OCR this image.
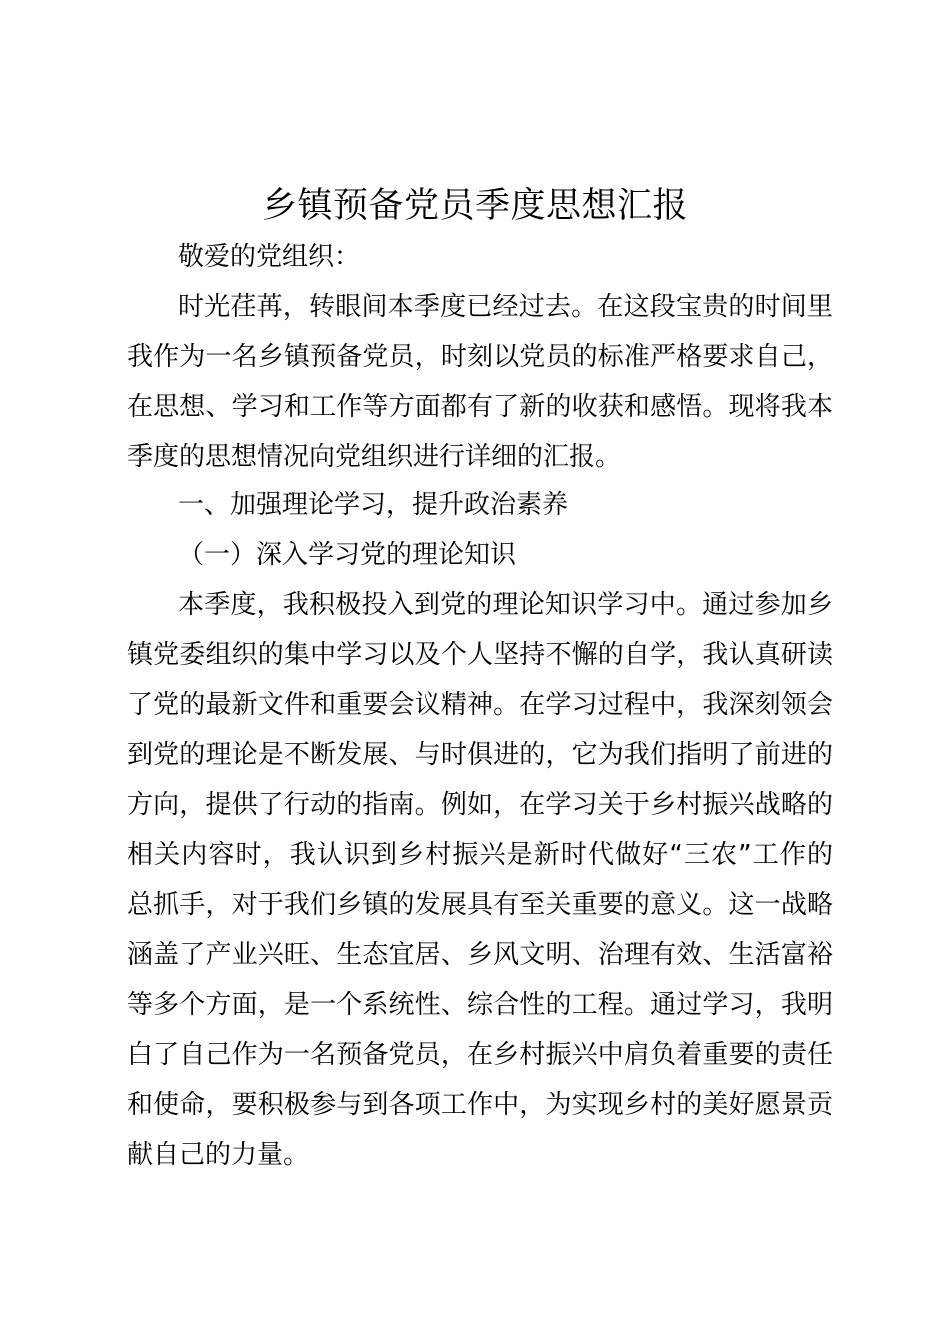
乡镇预备党员季度思想汇报
敬爱的党组织：
时光荏苒，转眼间本季度已经过去。在这段宝贵的时间里
我作为一名乡镇预备党员，时刻以党员的标准严格要求自己，
在思想、学习和工作等方面都有了新的收获和感悟。现将我本
季度的思想情况向党组织进行详细的汇报。
一、加强理论学习，提升政治素养
（一）深入学习党的理论知识
本季度，我积极投入到党的理论知识学习中。通过参加乡
镇党委组织的集中学习以及个人坚持不懈的自学，我认真研读
了党的最新文件和重要会议精神。在学习过程中，我深刻领会
到党的理论是不断发展、与时俱进的，它为我们指明了前进的
方向，提供了行动的指南。例如，在学习关于乡村振兴战略的
相关内容时，我认识到乡村振兴是新时代做好“三农”工作的
总抓手，对于我们乡镇的发展具有至关重要的意义。这一战略
涵盖了产业兴旺、生态宜居、乡风文明、治理有效、生活富裕
等多个方面，是一个系统性、综合性的工程。通过学习，我明
白了自己作为一名预备党员，在乡村振兴中肩负着重要的责任
和使命，要积极参与到各项工作中，为实现乡村的美好愿景贡
献自己的力量。
